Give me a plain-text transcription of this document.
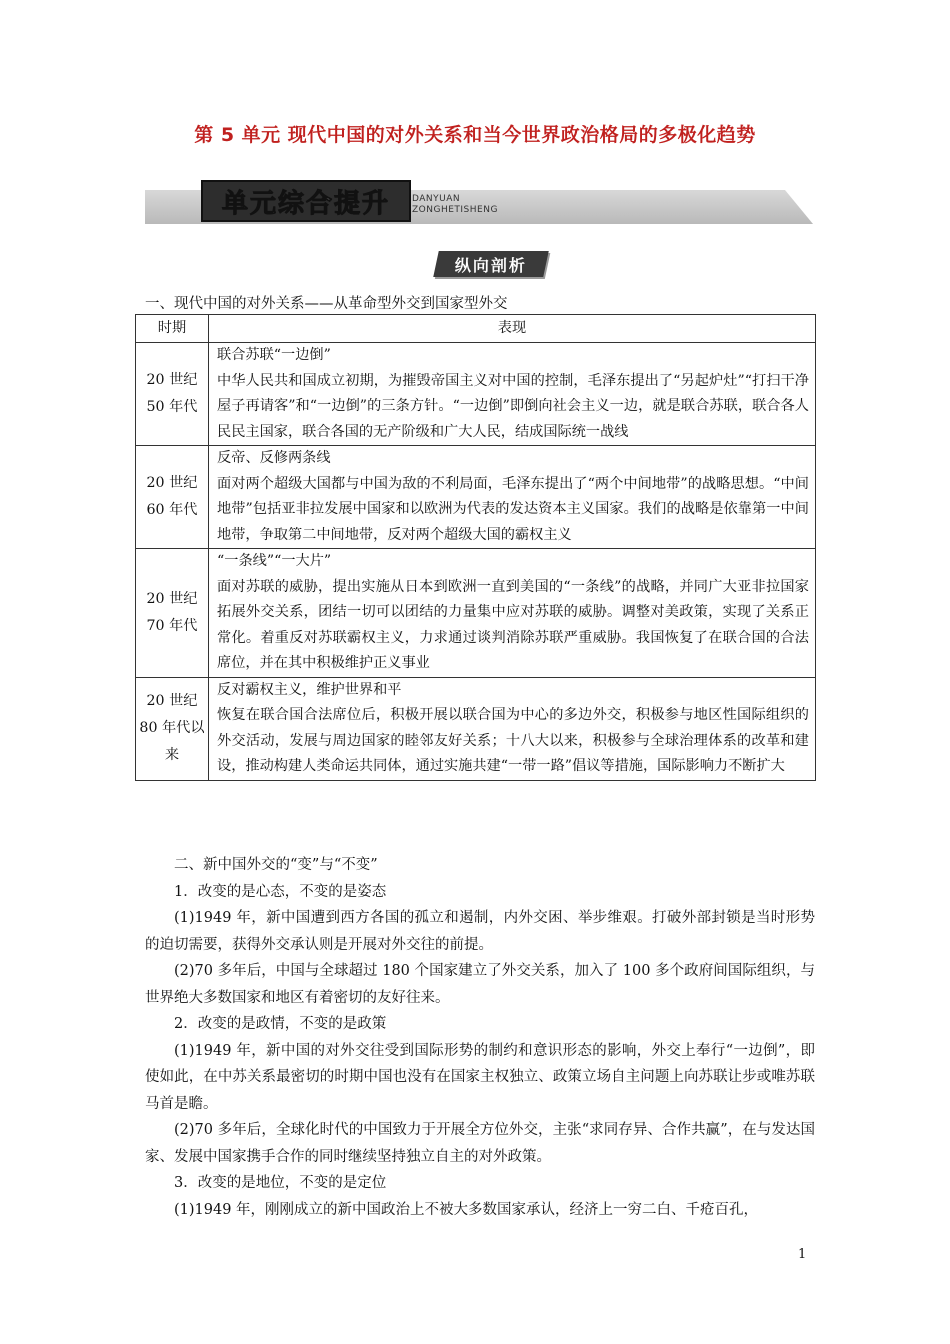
第 5 单元 现代中国的对外关系和当今世界政治格局的多极化趋势
单元综合提升 DANYUAN
ZONGHETISHENG
纵向剖析
一、现代中国的对外关系——从革命型外交到国家型外交
时期	表现
20 世纪 50 年代	联合苏联“一边倒”
中华人民共和国成立初期，为摧毁帝国主义对中国的控制，毛泽东提出了“另起炉灶”“打扫干净屋子再请客”和“一边倒”的三条方针。“一边倒”即倒向社会主义一边，就是联合苏联，联合各人民民主国家，联合各国的无产阶级和广大人民，结成国际统一战线
20 世纪 60 年代	反帝、反修两条线
面对两个超级大国都与中国为敌的不利局面，毛泽东提出了“两个中间地带”的战略思想。“中间地带”包括亚非拉发展中国家和以欧洲为代表的发达资本主义国家。我们的战略是依靠第一中间地带，争取第二中间地带，反对两个超级大国的霸权主义
20 世纪 70 年代	“一条线”“一大片”
面对苏联的威胁，提出实施从日本到欧洲一直到美国的“一条线”的战略，并同广大亚非拉国家拓展外交关系，团结一切可以团结的力量集中应对苏联的威胁。调整对美政策，实现了关系正常化。着重反对苏联霸权主义，力求通过谈判消除苏联严重威胁。我国恢复了在联合国的合法席位，并在其中积极维护正义事业
20 世纪 80 年代以来	反对霸权主义，维护世界和平
恢复在联合国合法席位后，积极开展以联合国为中心的多边外交，积极参与地区性国际组织的外交活动，发展与周边国家的睦邻友好关系；十八大以来，积极参与全球治理体系的改革和建设，推动构建人类命运共同体，通过实施共建“一带一路”倡议等措施，国际影响力不断扩大

二、新中国外交的“变”与“不变”

1．改变的是心态，不变的是姿态

(1)1949 年，新中国遭到西方各国的孤立和遏制，内外交困、举步维艰。打破外部封锁是当时形势的迫切需要，获得外交承认则是开展对外交往的前提。

(2)70 多年后，中国与全球超过 180 个国家建立了外交关系，加入了 100 多个政府间国际组织，与世界绝大多数国家和地区有着密切的友好往来。

2．改变的是政情，不变的是政策

(1)1949 年，新中国的对外交往受到国际形势的制约和意识形态的影响，外交上奉行“一边倒”，即使如此，在中苏关系最密切的时期中国也没有在国家主权独立、政策立场自主问题上向苏联让步或唯苏联马首是瞻。

(2)70 多年后，全球化时代的中国致力于开展全方位外交，主张“求同存异、合作共赢”，在与发达国家、发展中国家携手合作的同时继续坚持独立自主的对外政策。

3．改变的是地位，不变的是定位

(1)1949 年，刚刚成立的新中国政治上不被大多数国家承认，经济上一穷二白、千疮百孔，

1
